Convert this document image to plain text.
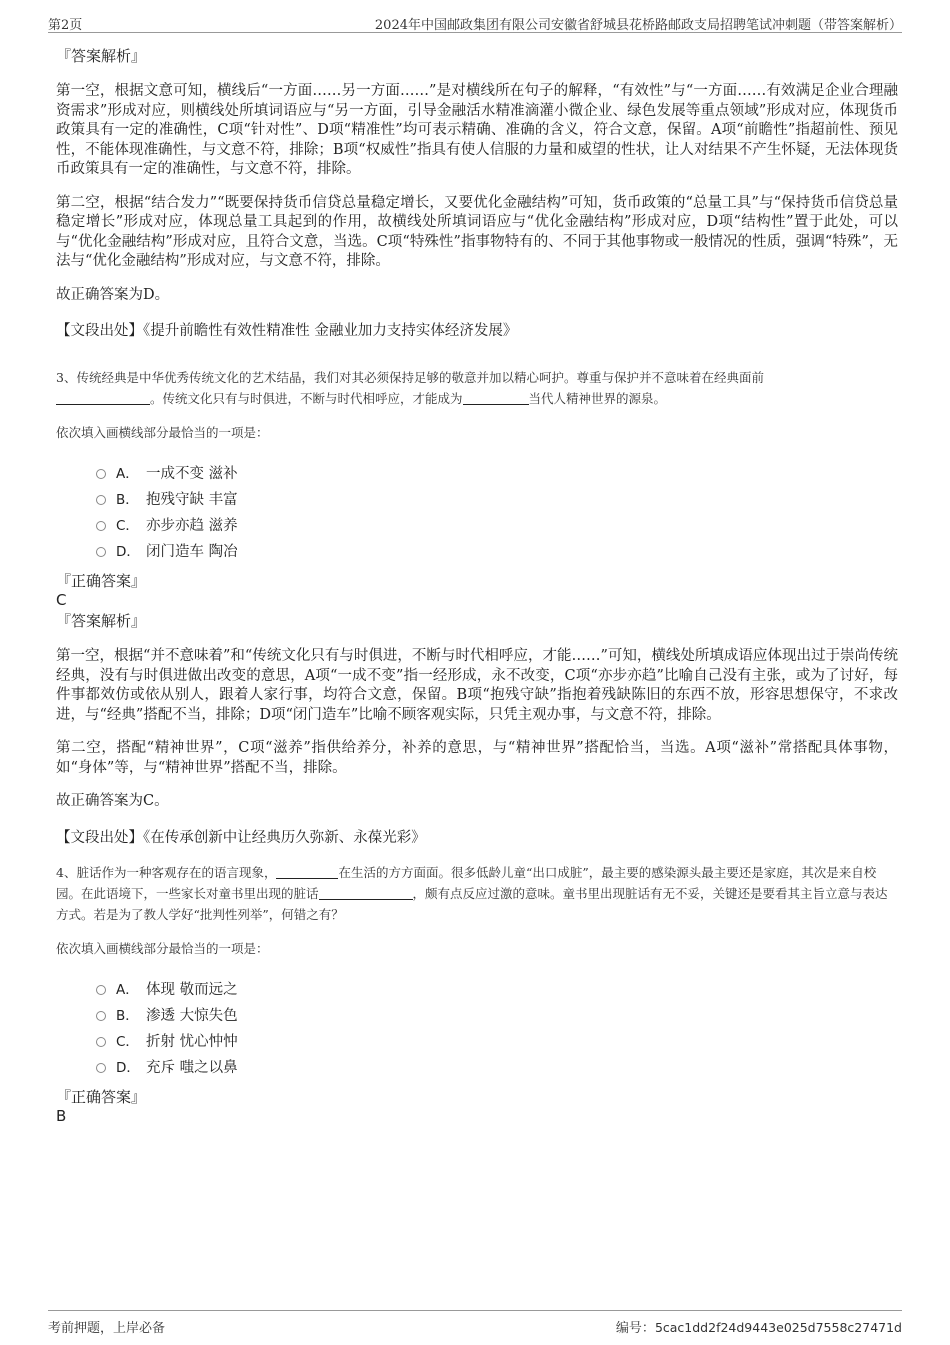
第2页	2024年中国邮政集团有限公司安徽省舒城县花桥路邮政支局招聘笔试冲刺题（带答案解析）

『答案解析』

第一空，根据文意可知，横线后“一方面……另一方面……”是对横线所在句子的解释，“有效性”与“一方面……有效满足企业合理融资需求”形成对应，则横线处所填词语应与“另一方面，引导金融活水精准滴灌小微企业、绿色发展等重点领域”形成对应，体现货币政策具有一定的准确性，C项“针对性”、D项“精准性”均可表示精确、准确的含义，符合文意，保留。A项“前瞻性”指超前性、预见性，不能体现准确性，与文意不符，排除；B项“权威性”指具有使人信服的力量和威望的性状，让人对结果不产生怀疑，无法体现货币政策具有一定的准确性，与文意不符，排除。

第二空，根据“结合发力”“既要保持货币信贷总量稳定增长，又要优化金融结构”可知，货币政策的“总量工具”与“保持货币信贷总量稳定增长”形成对应，体现总量工具起到的作用，故横线处所填词语应与“优化金融结构”形成对应，D项“结构性”置于此处，可以与“优化金融结构”形成对应，且符合文意，当选。C项“特殊性”指事物特有的、不同于其他事物或一般情况的性质，强调“特殊”，无法与“优化金融结构”形成对应，与文意不符，排除。

故正确答案为D。

【文段出处】《提升前瞻性有效性精准性 金融业加力支持实体经济发展》

3、传统经典是中华优秀传统文化的艺术结晶，我们对其必须保持足够的敬意并加以精心呵护。尊重与保护并不意味着在经典面前
。传统文化只有与时俱进，不断与时代相呼应，才能成为	当代人精神世界的源泉。

依次填入画横线部分最恰当的一项是：

A． 一成不变 滋补
B． 抱残守缺 丰富
C． 亦步亦趋 滋养
D． 闭门造车 陶冶

『正确答案』

C

『答案解析』

第一空，根据“并不意味着”和“传统文化只有与时俱进，不断与时代相呼应，才能……”可知，横线处所填成语应体现出过于崇尚传统经典，没有与时俱进做出改变的意思，A项“一成不变”指一经形成，永不改变，C项“亦步亦趋”比喻自己没有主张，或为了讨好，每件事都效仿或依从别人，跟着人家行事，均符合文意，保留。B项“抱残守缺”指抱着残缺陈旧的东西不放，形容思想保守，不求改进，与“经典”搭配不当，排除；D项“闭门造车”比喻不顾客观实际，只凭主观办事，与文意不符，排除。

第二空，搭配“精神世界”，C项“滋养”指供给养分，补养的意思，与“精神世界”搭配恰当，当选。A项“滋补”常搭配具体事物，如“身体”等，与“精神世界”搭配不当，排除。

故正确答案为C。

【文段出处】《在传承创新中让经典历久弥新、永葆光彩》

4、脏话作为一种客观存在的语言现象，	在生活的方方面面。很多低龄儿童“出口成脏”，最主要的感染源头最主要还是家庭，其次是来自校园。在此语境下，一些家长对童书里出现的脏话	，颇有点反应过激的意味。童书里出现脏话有无不妥，关键还是要看其主旨立意与表达方式。若是为了教人学好“批判性列举”，何错之有？

依次填入画横线部分最恰当的一项是：

A． 体现 敬而远之
B． 渗透 大惊失色
C． 折射 忧心忡忡
D． 充斥 嗤之以鼻

『正确答案』

B

考前押题，上岸必备	编号：5cac1dd2f24d9443e025d7558c27471d
